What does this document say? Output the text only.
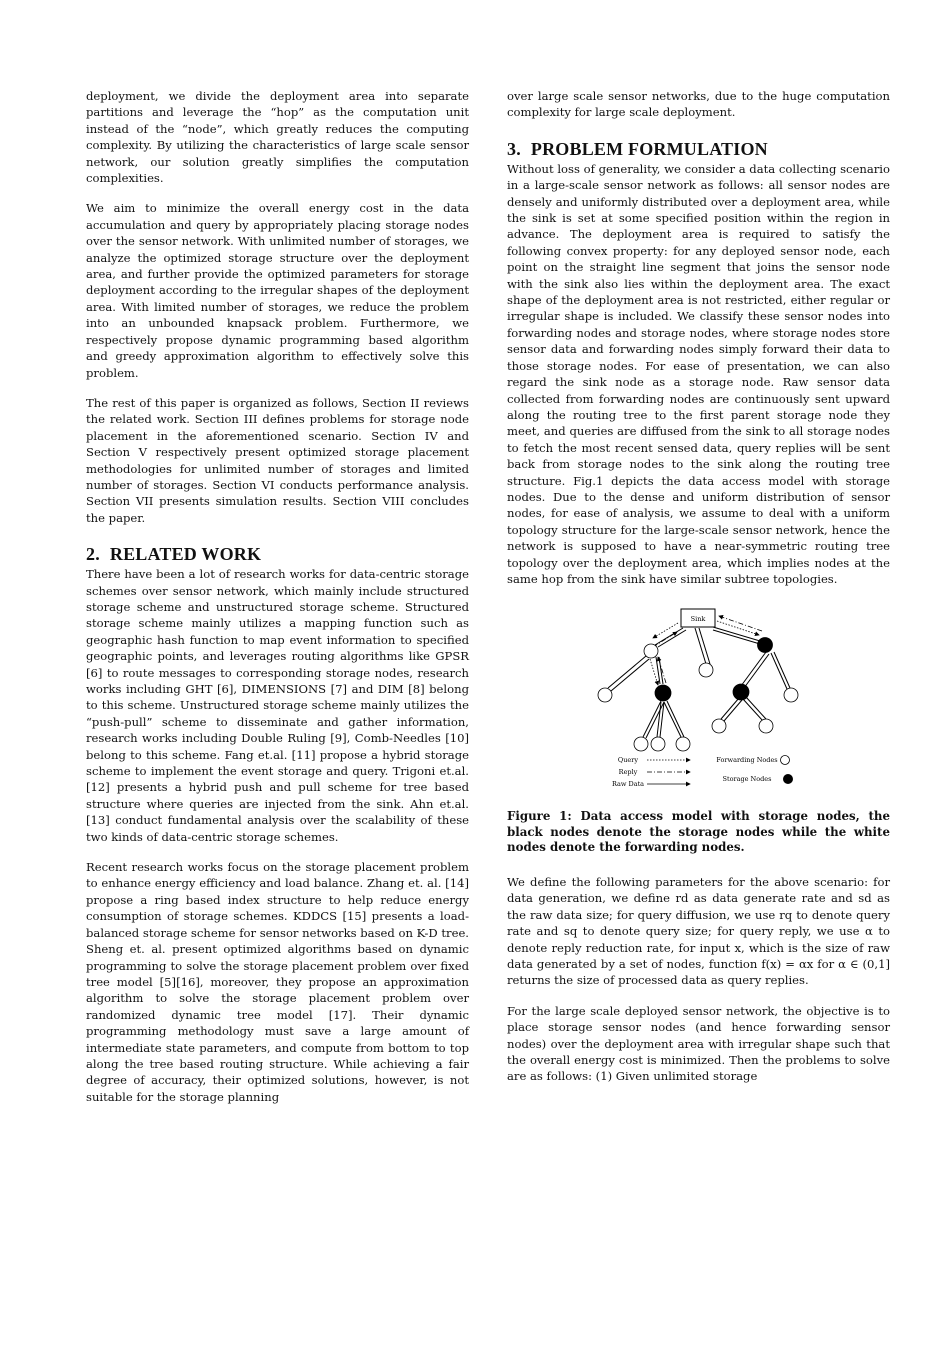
deployment, we divide the deployment area into separate partitions and leverage the “hop” as the computation unit instead of the “node”, which greatly reduces the computing complexity. By utilizing the characteristics of large scale sensor network, our solution greatly simplifies the computation complexities.

We aim to minimize the overall energy cost in the data accumulation and query by appropriately placing storage nodes over the sensor network. With unlimited number of storages, we analyze the optimized storage structure over the deployment area, and further provide the optimized parameters for storage deployment according to the irregular shapes of the deployment area. With limited number of storages, we reduce the problem into an unbounded knapsack problem. Furthermore, we respectively propose dynamic programming based algorithm and greedy approximation algorithm to effectively solve this problem.

The rest of this paper is organized as follows, Section II reviews the related work. Section III defines problems for storage node placement in the aforementioned scenario. Section IV and Section V respectively present optimized storage placement methodologies for unlimited number of storages and limited number of storages. Section VI conducts performance analysis. Section VII presents simulation results. Section VIII concludes the paper.

2. RELATED WORK

There have been a lot of research works for data-centric storage schemes over sensor network, which mainly include structured storage scheme and unstructured storage scheme. Structured storage scheme mainly utilizes a mapping function such as geographic hash function to map event information to specified geographic points, and leverages routing algorithms like GPSR [6] to route messages to corresponding storage nodes, research works including GHT [6], DIMENSIONS [7] and DIM [8] belong to this scheme. Unstructured storage scheme mainly utilizes the “push-pull” scheme to disseminate and gather information, research works including Double Ruling [9], Comb-Needles [10] belong to this scheme. Fang et.al. [11] propose a hybrid storage scheme to implement the event storage and query. Trigoni et.al. [12] presents a hybrid push and pull scheme for tree based structure where queries are injected from the sink. Ahn et.al. [13] conduct fundamental analysis over the scalability of these two kinds of data-centric storage schemes.

Recent research works focus on the storage placement problem to enhance energy efficiency and load balance. Zhang et. al. [14] propose a ring based index structure to help reduce energy consumption of storage schemes. KDDCS [15] presents a load-balanced storage scheme for sensor networks based on K-D tree. Sheng et. al. present optimized algorithms based on dynamic programming to solve the storage placement problem over fixed tree model [5][16], moreover, they propose an approximation algorithm to solve the storage placement problem over randomized dynamic tree model [17]. Their dynamic programming methodology must save a large amount of intermediate state parameters, and compute from bottom to top along the tree based routing structure. While achieving a fair degree of accuracy, their optimized solutions, however, is not suitable for the storage planning

over large scale sensor networks, due to the huge computation complexity for large scale deployment.

3. PROBLEM FORMULATION

Without loss of generality, we consider a data collecting scenario in a large-scale sensor network as follows: all sensor nodes are densely and uniformly distributed over a deployment area, while the sink is set at some specified position within the region in advance. The deployment area is required to satisfy the following convex property: for any deployed sensor node, each point on the straight line segment that joins the sensor node with the sink also lies within the deployment area. The exact shape of the deployment area is not restricted, either regular or irregular shape is included. We classify these sensor nodes into forwarding nodes and storage nodes, where storage nodes store sensor data and forwarding nodes simply forward their data to those storage nodes. For ease of presentation, we can also regard the sink node as a storage node. Raw sensor data collected from forwarding nodes are continuously sent upward along the routing tree to the first parent storage node they meet, and queries are diffused from the sink to all storage nodes to fetch the most recent sensed data, query replies will be sent back from storage nodes to the sink along the routing tree structure. Fig.1 depicts the data access model with storage nodes. Due to the dense and uniform distribution of sensor nodes, for ease of analysis, we assume to deal with a uniform topology structure for the large-scale sensor network, hence the network is supposed to have a near-symmetric routing tree topology over the deployment area, which implies nodes at the same hop from the sink have similar subtree topologies.

Sink
Query
Reply
Raw Data
Forwarding Nodes
Storage Nodes

Figure 1: Data access model with storage nodes, the black nodes denote the storage nodes while the white nodes denote the forwarding nodes.

We define the following parameters for the above scenario: for data generation, we define rd as data generate rate and sd as the raw data size; for query diffusion, we use rq to denote query rate and sq to denote query size; for query reply, we use α to denote reply reduction rate, for input x, which is the size of raw data generated by a set of nodes, function f(x) = αx for α ∈ (0,1] returns the size of processed data as query replies.

For the large scale deployed sensor network, the objective is to place storage sensor nodes (and hence forwarding sensor nodes) over the deployment area with irregular shape such that the overall energy cost is minimized. Then the problems to solve are as follows: (1) Given unlimited storage
